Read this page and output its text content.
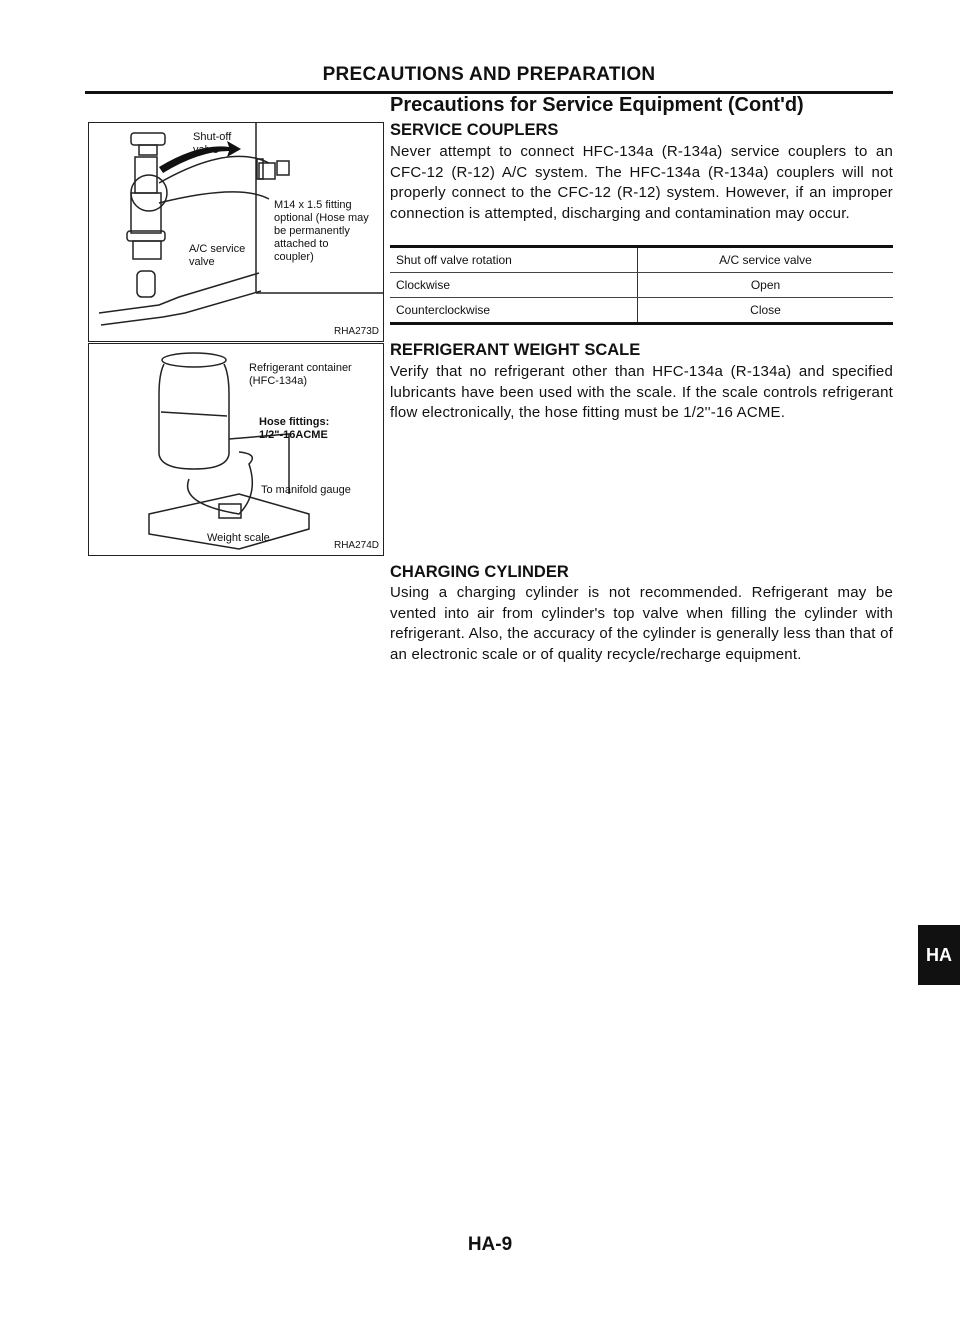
PRECAUTIONS AND PREPARATION
Precautions for Service Equipment (Cont'd)
Shut-off valve
A/C service valve
M14 x 1.5 fitting optional (Hose may be permanently attached to coupler)
RHA273D
Refrigerant container (HFC-134a)
Hose fittings: 1/2"-16ACME
To manifold gauge
Weight scale
RHA274D
SERVICE COUPLERS
Never attempt to connect HFC-134a (R-134a) service couplers to an CFC-12 (R-12) A/C system. The HFC-134a (R-134a) couplers will not properly connect to the CFC-12 (R-12) system. However, if an improper connection is attempted, discharging and contamination may occur.
Shut off valve rotation	A/C service valve
Clockwise	Open
Counterclockwise	Close
REFRIGERANT WEIGHT SCALE
Verify that no refrigerant other than HFC-134a (R-134a) and specified lubricants have been used with the scale. If the scale controls refrigerant flow electronically, the hose fitting must be 1/2''-16 ACME.
CHARGING CYLINDER
Using a charging cylinder is not recommended. Refrigerant may be vented into air from cylinder's top valve when filling the cylinder with refrigerant. Also, the accuracy of the cylinder is generally less than that of an electronic scale or of quality recycle/recharge equipment.
HA
HA-9
